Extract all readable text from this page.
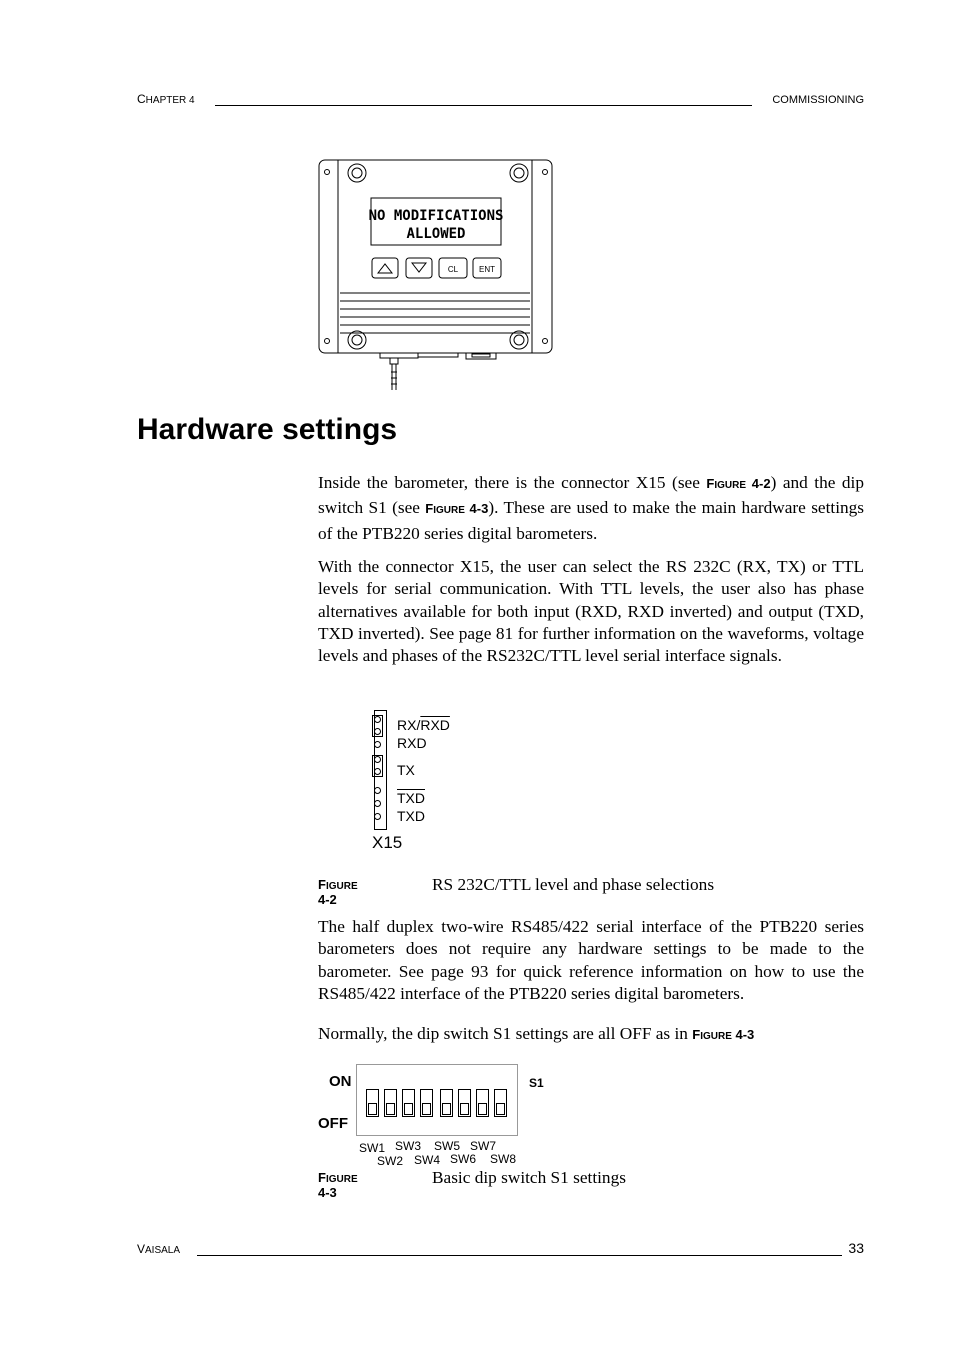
CHAPTER 4	COMMISSIONING
NO MODIFICATIONS
ALLOWED
CL	ENT
Hardware settings

Inside the barometer, there is the connector X15 (see FIGURE 4-2) and the dip switch S1 (see FIGURE 4-3). These are used to make the main hardware settings of the PTB220 series digital barometers.

With the connector X15, the user can select the RS 232C (RX, TX) or TTL levels for serial communication. With TTL levels, the user also has phase alternatives available for both input (RXD, RXD inverted) and output (TXD, TXD inverted). See page 81 for further information on the waveforms, voltage levels and phases of the RS232C/TTL level serial interface signals.

$RX/\overline{RXD}$
RXD
TX
$\overline{TXD}$
TXD
X15
FIGURE 4-2
RS 232C/TTL level and phase selections

The half duplex two-wire RS485/422 serial interface of the PTB220 series barometers does not require any hardware settings to be made to the barometer. See page 93 for quick reference information on how to use the RS485/422 interface of the PTB220 series digital barometers.

Normally, the dip switch S1 settings are all OFF as in FIGURE 4-3

ON
OFF
S1
SW1
SW2
SW3
SW4
SW5
SW6
SW7
SW8
FIGURE 4-3
Basic dip switch S1 settings
VAISALA	33
